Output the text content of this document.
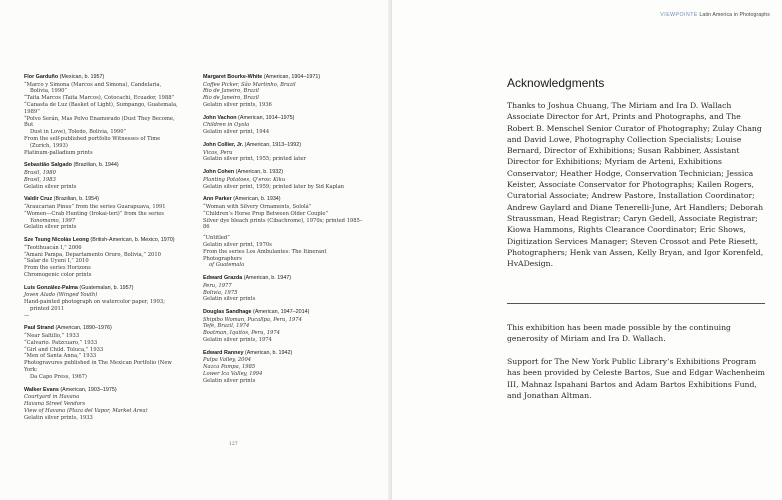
Flor Garduño (Mexican, b. 1957)
“Marco y Simona (Marcos and Simona), Candelaria,
Bolivia, 1990”
“Taita Marcos (Taita Marcos), Cotocachi, Ecuador, 1988”
“Canasta de Luz (Basket of Light), Sumpango, Guatemala, 1989”
“Polvo Serán, Mas Polvo Enamorado (Dust They Become, But
Dust in Love), Toledo, Bolivia, 1990”
From the self-published portfolio Witnesses of Time
(Zurich, 1993)
Platinum-palladium prints
Sebastião Salgado (Brazilian, b. 1944)
Brasil, 1980
Brasil, 1983
Gelatin silver prints
Valdir Cruz (Brazilian, b. 1954)
“Araucarian Pinus” from the series Guarapuava, 1991
“Women—Crab Hunting (Irokai-teri)” from the series
Yanomamo, 1997
Gelatin silver prints
Sze Tsung Nicolás Leong (British-American, b. Mexico, 1970)
“Teotihuacán I,” 2006
“Amani Pampa, Departamento Oruro, Bolivia,” 2010
“Salar de Uyuni I,” 2010
From the series Horizons
Chromogenic color prints
Luis González-Palma (Guatemalan, b. 1957)
Joven Alado (Winged Youth)
Hand-painted photograph on watercolor paper, 1993;
printed 2011
—
Paul Strand (American, 1890–1976)
“Near Saltillo,” 1933
“Calvario. Patzcuaro,” 1933
“Girl and Child. Toluca,” 1933
“Men of Santa Anna,” 1933
Photogravures published in The Mexican Portfolio (New York:
Da Capo Press, 1967)
Walker Evans (American, 1903–1975)
Courtyard in Havana
Havana Street Vendors
View of Havana (Plaza del Vapor, Market Area)
Gelatin silver prints, 1933
Margaret Bourke-White (American, 1904–1971)
Coffee Picker, São Martinho, Brazil
Rio de Janeiro, Brazil
Rio de Janeiro, Brazil
Gelatin silver prints, 1936
John Vachon (American, 1914–1975)
Children in Oyola
Gelatin silver print, 1944
John Collier, Jr. (American, 1913–1992)
Vicos, Peru
Gelatin silver print, 1955; printed later
John Cohen (American, b. 1932)
Planting Potatoes, Q’eros: Kiku
Gelatin silver print, 1959; printed later by Sid Kaplan
Ann Parker (American, b. 1934)
“Woman with Silvery Ornaments, Sololá”
“Children’s Horse Prop Between Older Couple”
Silver dye bleach prints (Cibachrome), 1970s; printed 1985–86
“Untitled”
Gelatin silver print, 1970s
From the series Los Ambulantes: The Itinerant Photographers
of Guatemala
Edward Grazda (American, b. 1947)
Peru, 1977
Bolivia, 1975
Gelatin silver prints
Douglas Sandhage (American, 1947–2014)
Shipibo Woman, Pucallpa, Peru, 1974
Tefé, Brazil, 1974
Boatman, Iquitos, Peru, 1974
Gelatin silver prints, 1974
Edward Ranney (American, b. 1942)
Pulpa Valley, 2004
Nazca Pampa, 1985
Lower Ica Valley, 1994
Gelatin silver prints
127
VIEWPOINTE Latin America in Photographs
Acknowledgments
Thanks to Joshua Chuang, The Miriam and Ira D. Wallach Associate Director for Art, Prints and Photographs, and The Robert B. Menschel Senior Curator of Photography; Zulay Chang and David Lowe, Photography Collection Specialists; Louise Bernard, Director of Exhibitions; Susan Rabbiner, Assistant Director for Exhibitions; Myriam de Arteni, Exhibitions Conservator; Heather Hodge, Conservation Technician; Jessica Keister, Associate Conservator for Photographs; Kailen Rogers, Curatorial Associate; Andrew Pastore, Installation Coordinator; Andrew Gaylard and Diane Tenerelli-June, Art Handlers; Deborah Straussman, Head Registrar; Caryn Gedell, Associate Registrar; Kiowa Hammons, Rights Clearance Coordinator; Eric Shows, Digitization Services Manager; Steven Crossot and Pete Riesett, Photographers; Henk van Assen, Kelly Bryan, and Igor Korenfeld, HvADesign.
This exhibition has been made possible by the continuing generosity of Miriam and Ira D. Wallach.
Support for The New York Public Library’s Exhibitions Program has been provided by Celeste Bartos, Sue and Edgar Wachenheim III, Mahnaz Ispahani Bartos and Adam Bartos Exhibitions Fund, and Jonathan Altman.
